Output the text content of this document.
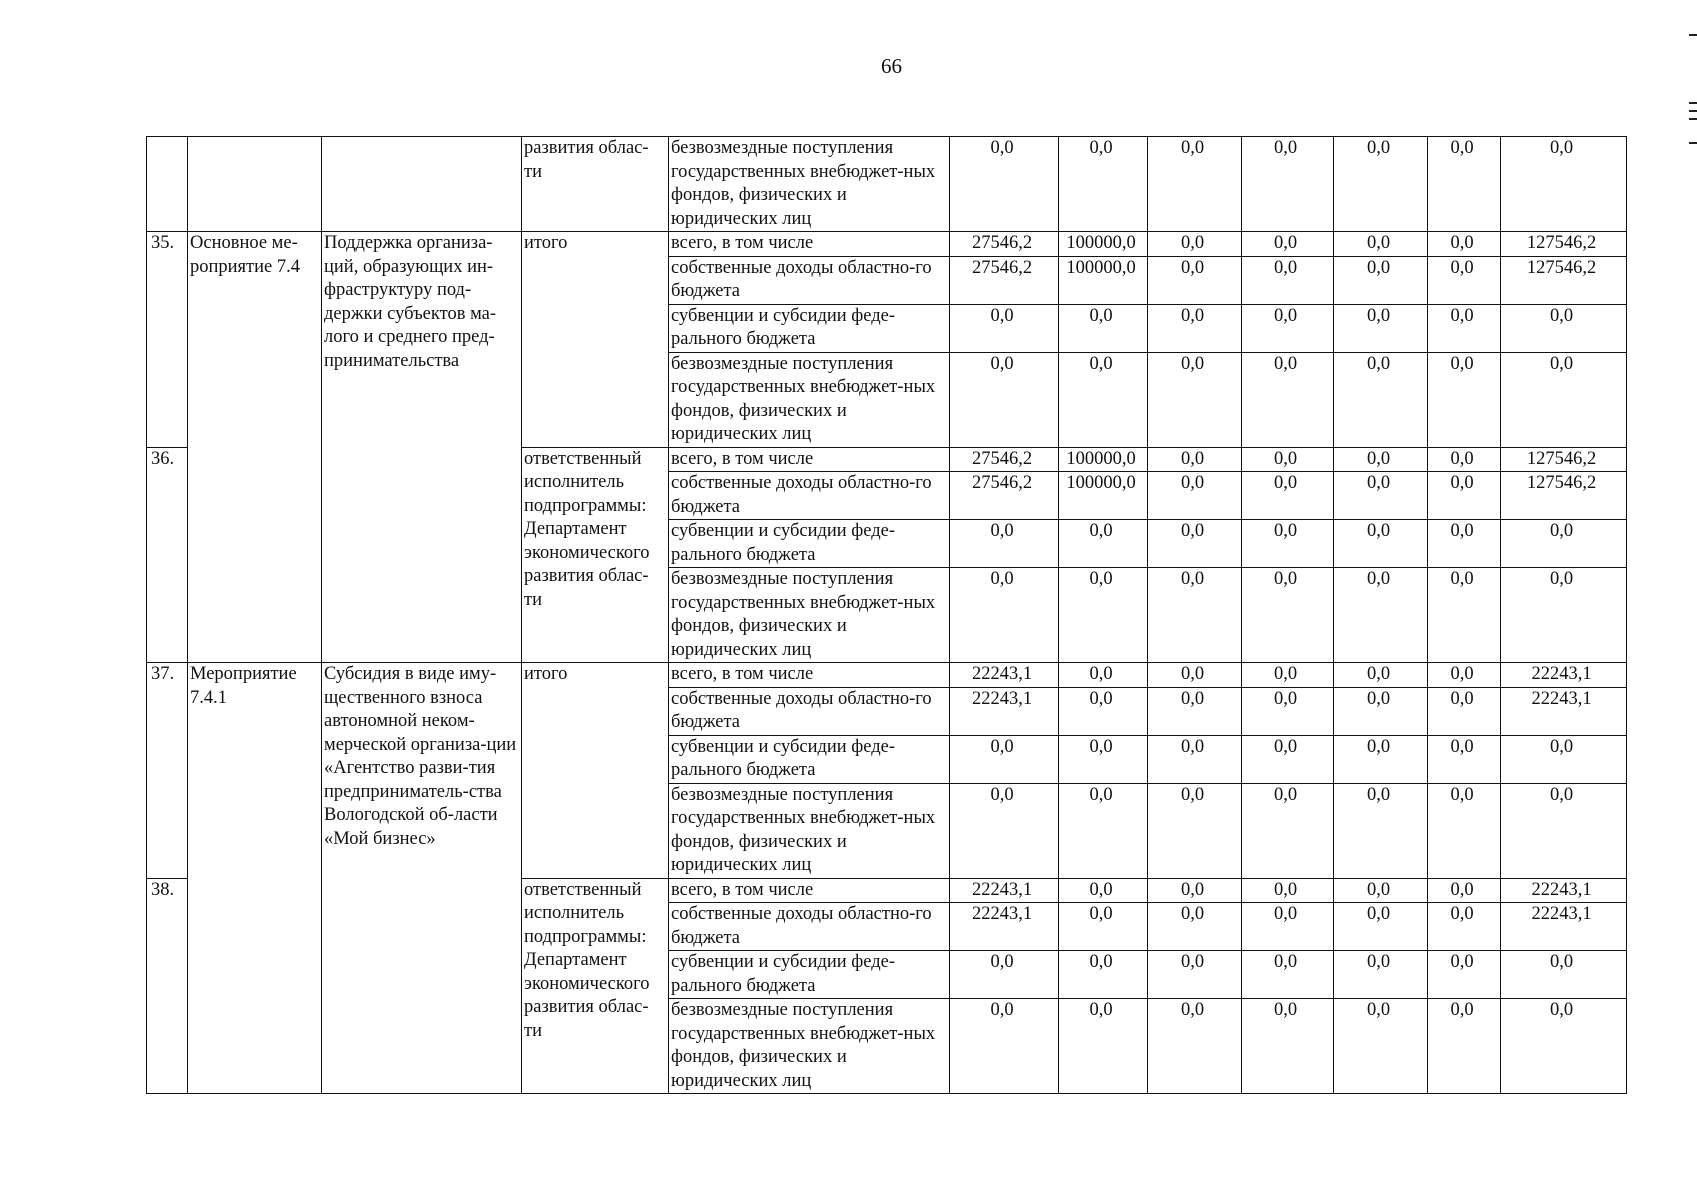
66
			развития облас-ти	безвозмездные поступления государственных внебюджет-ных фондов, физических и юридических лиц	0,0	0,0	0,0	0,0	0,0	0,0	0,0
35.	Основное ме-роприятие 7.4	Поддержка организа-ций, образующих ин-фраструктуру под-держки субъектов ма-лого и среднего пред-принимательства	итого	всего, в том числе	27546,2	100000,0	0,0	0,0	0,0	0,0	127546,2
				собственные доходы областно-го бюджета	27546,2	100000,0	0,0	0,0	0,0	0,0	127546,2
				субвенции и субсидии феде-рального бюджета	0,0	0,0	0,0	0,0	0,0	0,0	0,0
				безвозмездные поступления государственных внебюджет-ных фондов, физических и юридических лиц	0,0	0,0	0,0	0,0	0,0	0,0	0,0
36.			ответственный исполнитель подпрограммы: Департамент экономического развития облас-ти	всего, в том числе	27546,2	100000,0	0,0	0,0	0,0	0,0	127546,2
				собственные доходы областно-го бюджета	27546,2	100000,0	0,0	0,0	0,0	0,0	127546,2
				субвенции и субсидии феде-рального бюджета	0,0	0,0	0,0	0,0	0,0	0,0	0,0
				безвозмездные поступления государственных внебюджет-ных фондов, физических и юридических лиц	0,0	0,0	0,0	0,0	0,0	0,0	0,0
37.	Мероприятие 7.4.1	Субсидия в виде иму-щественного взноса автономной неком-мерческой организа-ции «Агентство разви-тия предприниматель-ства Вологодской об-ласти «Мой бизнес»	итого	всего, в том числе	22243,1	0,0	0,0	0,0	0,0	0,0	22243,1
				собственные доходы областно-го бюджета	22243,1	0,0	0,0	0,0	0,0	0,0	22243,1
				субвенции и субсидии феде-рального бюджета	0,0	0,0	0,0	0,0	0,0	0,0	0,0
				безвозмездные поступления государственных внебюджет-ных фондов, физических и юридических лиц	0,0	0,0	0,0	0,0	0,0	0,0	0,0
38.			ответственный исполнитель подпрограммы: Департамент экономического развития облас-ти	всего, в том числе	22243,1	0,0	0,0	0,0	0,0	0,0	22243,1
				собственные доходы областно-го бюджета	22243,1	0,0	0,0	0,0	0,0	0,0	22243,1
				субвенции и субсидии феде-рального бюджета	0,0	0,0	0,0	0,0	0,0	0,0	0,0
				безвозмездные поступления государственных внебюджет-ных фондов, физических и юридических лиц	0,0	0,0	0,0	0,0	0,0	0,0	0,0
